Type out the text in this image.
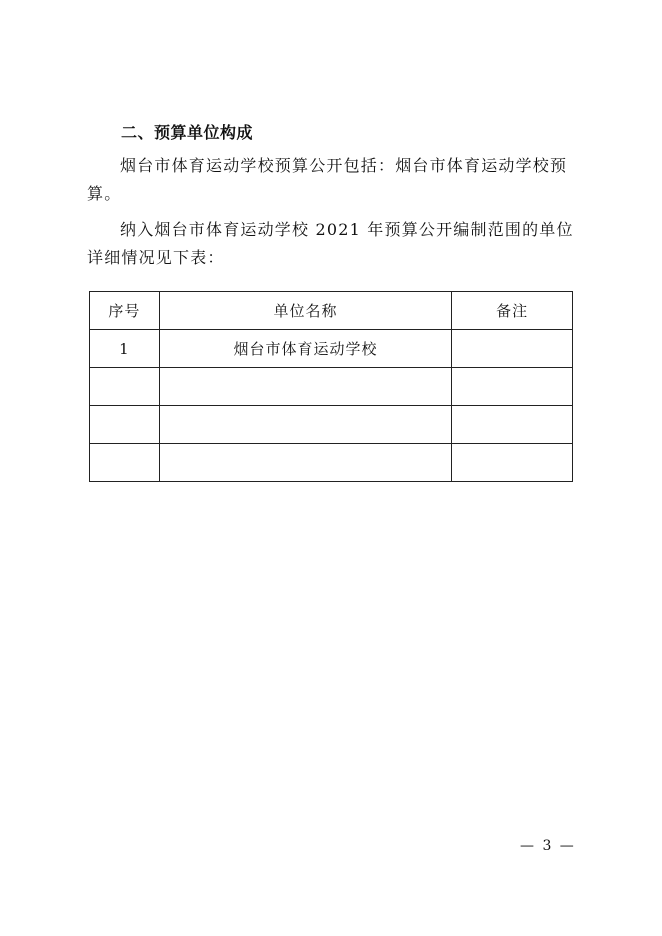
二、预算单位构成

烟台市体育运动学校预算公开包括：烟台市体育运动学校预算。

纳入烟台市体育运动学校 2021 年预算公开编制范围的单位详细情况见下表：

序号	单位名称	备注
1	烟台市体育运动学校	

— 3 —
